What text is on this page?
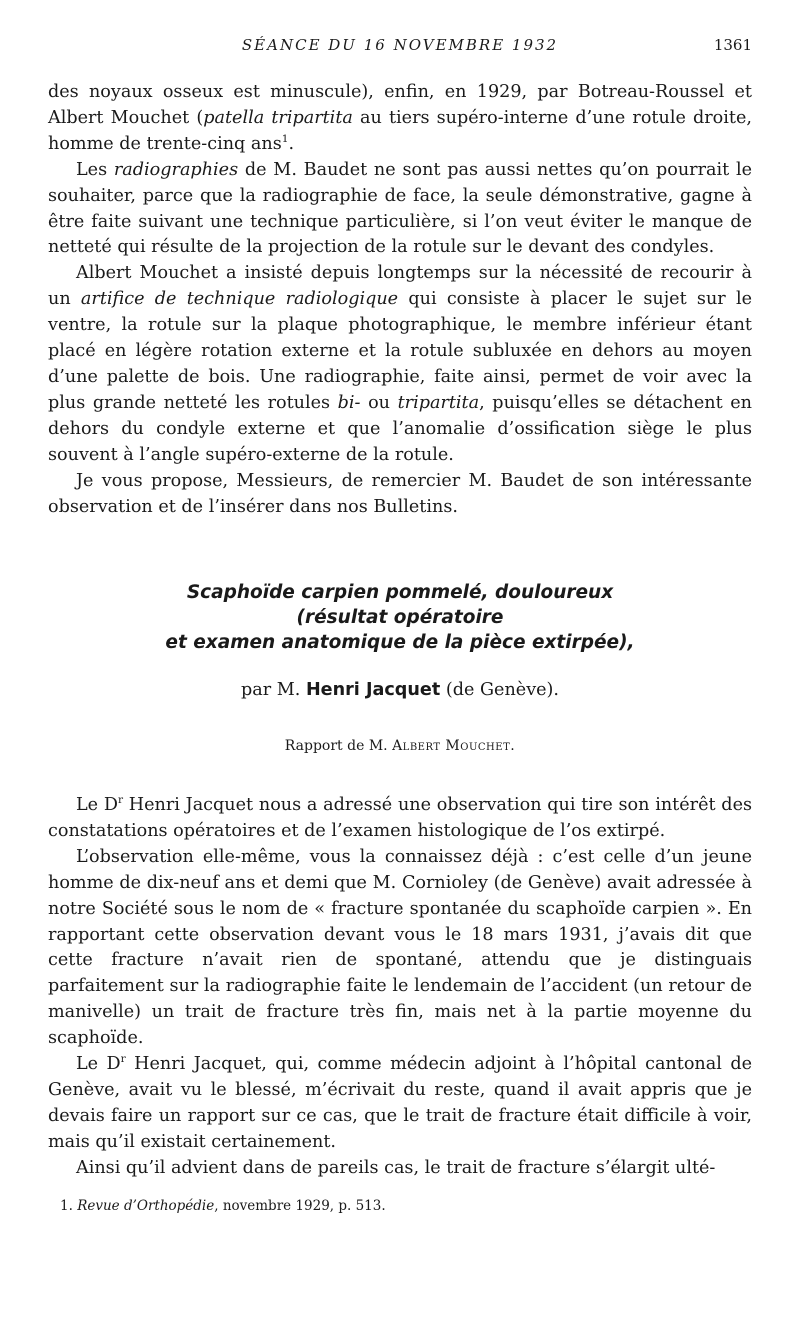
SÉANCE DU 16 NOVEMBRE 1932	1361

des noyaux osseux est minuscule), enfin, en 1929, par Botreau-Roussel et Albert Mouchet (patella tripartita au tiers supéro-interne d’une rotule droite, homme de trente-cinq ans$^1$.

Les radiographies de M. Baudet ne sont pas aussi nettes qu’on pourrait le souhaiter, parce que la radiographie de face, la seule démonstrative, gagne à être faite suivant une technique particulière, si l’on veut éviter le manque de netteté qui résulte de la projection de la rotule sur le devant des condyles.

Albert Mouchet a insisté depuis longtemps sur la nécessité de recourir à un artifice de technique radiologique qui consiste à placer le sujet sur le ventre, la rotule sur la plaque photographique, le membre inférieur étant placé en légère rotation externe et la rotule subluxée en dehors au moyen d’une palette de bois. Une radiographie, faite ainsi, permet de voir avec la plus grande netteté les rotules bi- ou tripartita, puisqu’elles se détachent en dehors du condyle externe et que l’anomalie d’ossification siège le plus souvent à l’angle supéro-externe de la rotule.

Je vous propose, Messieurs, de remercier M. Baudet de son intéressante observation et de l’insérer dans nos Bulletins.

Scaphoïde carpien pommelé, douloureux
(résultat opératoire
et examen anatomique de la pièce extirpée),
par M. Henri Jacquet (de Genève).
Rapport de M. Albert Mouchet.

Le $D^r$ Henri Jacquet nous a adressé une observation qui tire son intérêt des constatations opératoires et de l’examen histologique de l’os extirpé.

L’observation elle-même, vous la connaissez déjà : c’est celle d’un jeune homme de dix-neuf ans et demi que M. Cornioley (de Genève) avait adressée à notre Société sous le nom de « fracture spontanée du scaphoïde carpien ». En rapportant cette observation devant vous le 18 mars 1931, j’avais dit que cette fracture n’avait rien de spontané, attendu que je distinguais parfaitement sur la radiographie faite le lendemain de l’accident (un retour de manivelle) un trait de fracture très fin, mais net à la partie moyenne du scaphoïde.

Le $D^r$ Henri Jacquet, qui, comme médecin adjoint à l’hôpital cantonal de Genève, avait vu le blessé, m’écrivait du reste, quand il avait appris que je devais faire un rapport sur ce cas, que le trait de fracture était difficile à voir, mais qu’il existait certainement.

Ainsi qu’il advient dans de pareils cas, le trait de fracture s’élargit ulté-

1. Revue d’Orthopédie, novembre 1929, p. 513.
